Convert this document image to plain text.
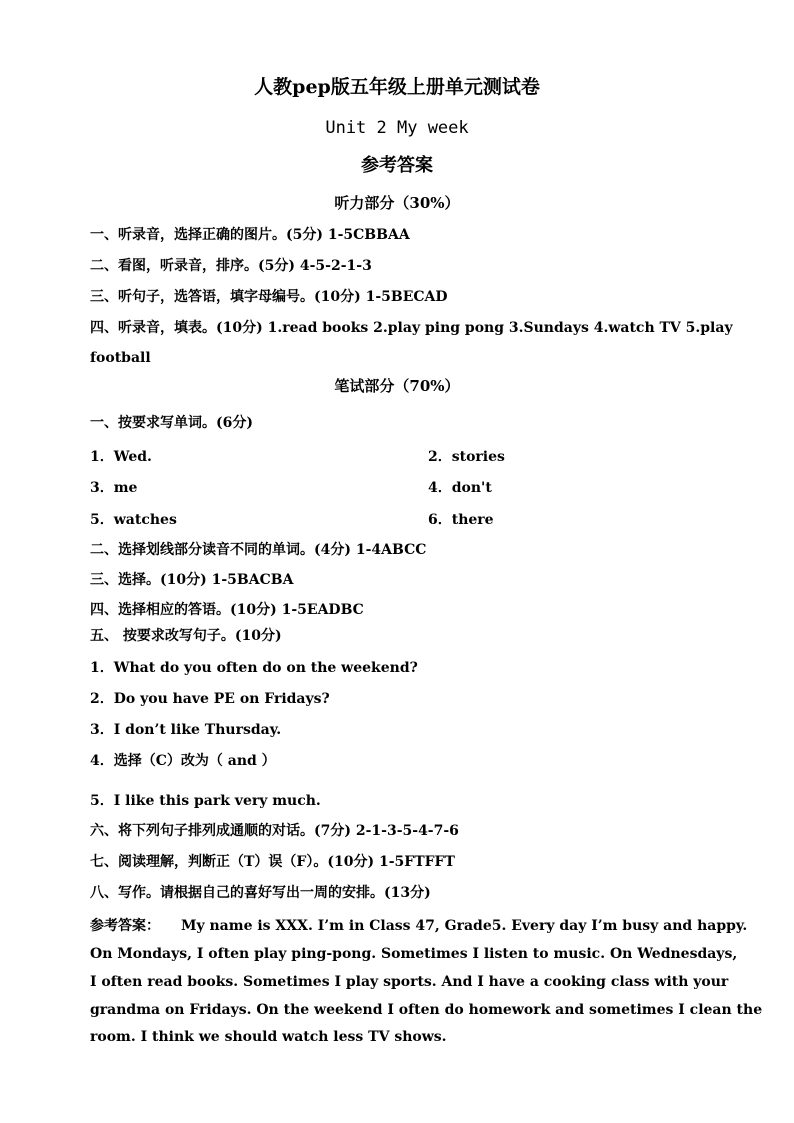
人教pep版五年级上册单元测试卷
Unit 2 My week
参考答案
听力部分（30%）
一、听录音，选择正确的图片。(5分) 1-5CBBAA
二、看图，听录音，排序。(5分) 4-5-2-1-3
三、听句子，选答语，填字母编号。(10分) 1-5BECAD
四、听录音，填表。(10分) 1.read books 2.play ping pong 3.Sundays 4.watch TV 5.play
football
笔试部分（70%）
一、按要求写单词。(6分)
1．Wed.	2．stories
3．me	4．don't
5．watches	6．there
二、选择划线部分读音不同的单词。(4分) 1-4ABCC
三、选择。(10分) 1-5BACBA
四、选择相应的答语。(10分) 1-5EADBC
五、 按要求改写句子。(10分)
1．What do you often do on the weekend?
2．Do you have PE on Fridays?
3．I don’t like Thursday.
4．选择（C）改为（ and ）
5．I like this park very much.
六、将下列句子排列成通顺的对话。(7分) 2-1-3-5-4-7-6
七、阅读理解，判断正（T）误（F）。(10分) 1-5FTFFT
八、写作。请根据自己的喜好写出一周的安排。(13分)
参考答案：	My name is XXX. I’m in Class 47, Grade5. Every day I’m busy and happy.
On Mondays, I often play ping-pong. Sometimes I listen to music. On Wednesdays,
I often read books. Sometimes I play sports. And I have a cooking class with your
grandma on Fridays. On the weekend I often do homework and sometimes I clean the
room. I think we should watch less TV shows.
